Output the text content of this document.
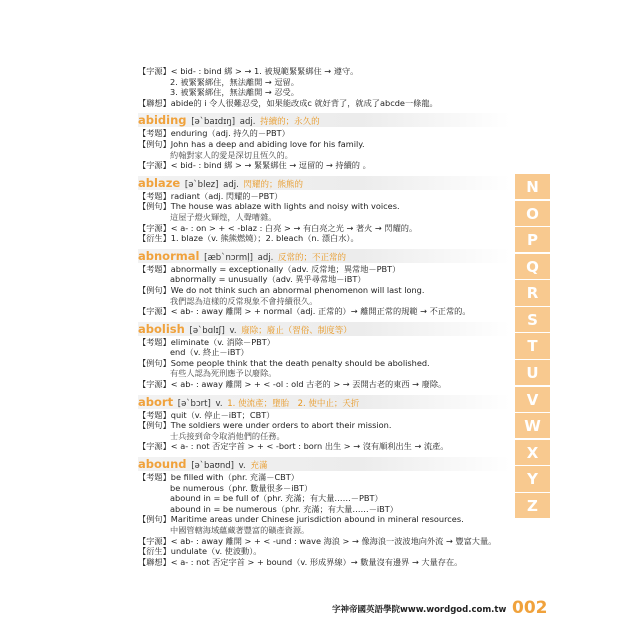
【字源】< bid- : bind 綁 > → 1. 被規範緊緊綁住 → 遵守。
2. 被緊緊綁住，無法離開 → 逗留。
3. 被緊緊綁住，無法離開 → 忍受。
【聯想】abide的 i 令人很難忍受，如果能改成c 就好背了，就成了abcde一條龍。
abiding [əˋbaɪdɪŋ] adj. 持續的；永久的
【考題】enduring（adj. 持久的－PBT）
【例句】John has a deep and abiding love for his family.
約翰對家人的愛是深切且恆久的。
【字源】< bid- : bind 綁 > → 緊緊綁住 → 逗留的 → 持續的 。
ablaze [əˋblez] adj. 閃耀的；熊熊的
【考題】radiant（adj. 閃耀的－PBT）
【例句】The house was ablaze with lights and noisy with voices.
這屋子燈火輝煌，人聲嘈雜。
【字源】< a- : on > + < -blaz : 白亮 > → 有白亮之光 → 著火 → 閃耀的。
【衍生】1. blaze（v. 熊熊燃燒）；2. bleach（n. 漂白水）。
abnormal [æbˋnɔrmḷ] adj. 反常的；不正常的
【考題】abnormally = exceptionally（adv. 反常地；異常地－PBT）
abnormally = unusually（adv. 異乎尋常地－iBT）
【例句】We do not think such an abnormal phenomenon will last long.
我們認為這樣的反常現象不會持續很久。
【字源】< ab- : away 離開 > + normal（adj. 正常的）→ 離開正常的規範 → 不正常的。
abolish [əˋbɑlɪʃ] v. 廢除；廢止（習俗、制度等）
【考題】eliminate（v. 消除－PBT）
end（v. 終止－iBT）
【例句】Some people think that the death penalty should be abolished.
有些人認為死刑應予以廢除。
【字源】< ab- : away 離開 > + < -ol : old 古老的 > → 丟開古老的東西 → 廢除。
abort [əˋbɔrt] v. 1. 使流產；墮胎　2. 使中止；夭折
【考題】quit（v. 停止－iBT；CBT）
【例句】The soldiers were under orders to abort their mission.
士兵接到命令取消他們的任務。
【字源】< a- : not 否定字首 > + < -bort : born 出生 > → 沒有順利出生 → 流產。
abound [əˋbaʊnd] v. 充滿
【考題】be filled with（phr. 充滿－CBT）
be numerous（phr. 數量很多－iBT）
abound in = be full of（phr. 充滿；有大量……－PBT）
abound in = be numerous（phr. 充滿；有大量……－iBT）
【例句】Maritime areas under Chinese jurisdiction abound in mineral resources.
中國管轄海域蘊藏著豐富的礦產資源。
【字源】< ab- : away 離開 > + < -und : wave 海浪 > → 像海浪一波波地向外流 → 豐富大量。
【衍生】undulate（v. 使波動）。
【聯想】< a- : not 否定字首 > + bound（v. 形成界線）→ 數量沒有邊界 → 大量存在。
N
O
P
Q
R
S
T
U
V
W
X
Y
Z
字神帝國英語學院www.wordgod.com.tw 002
